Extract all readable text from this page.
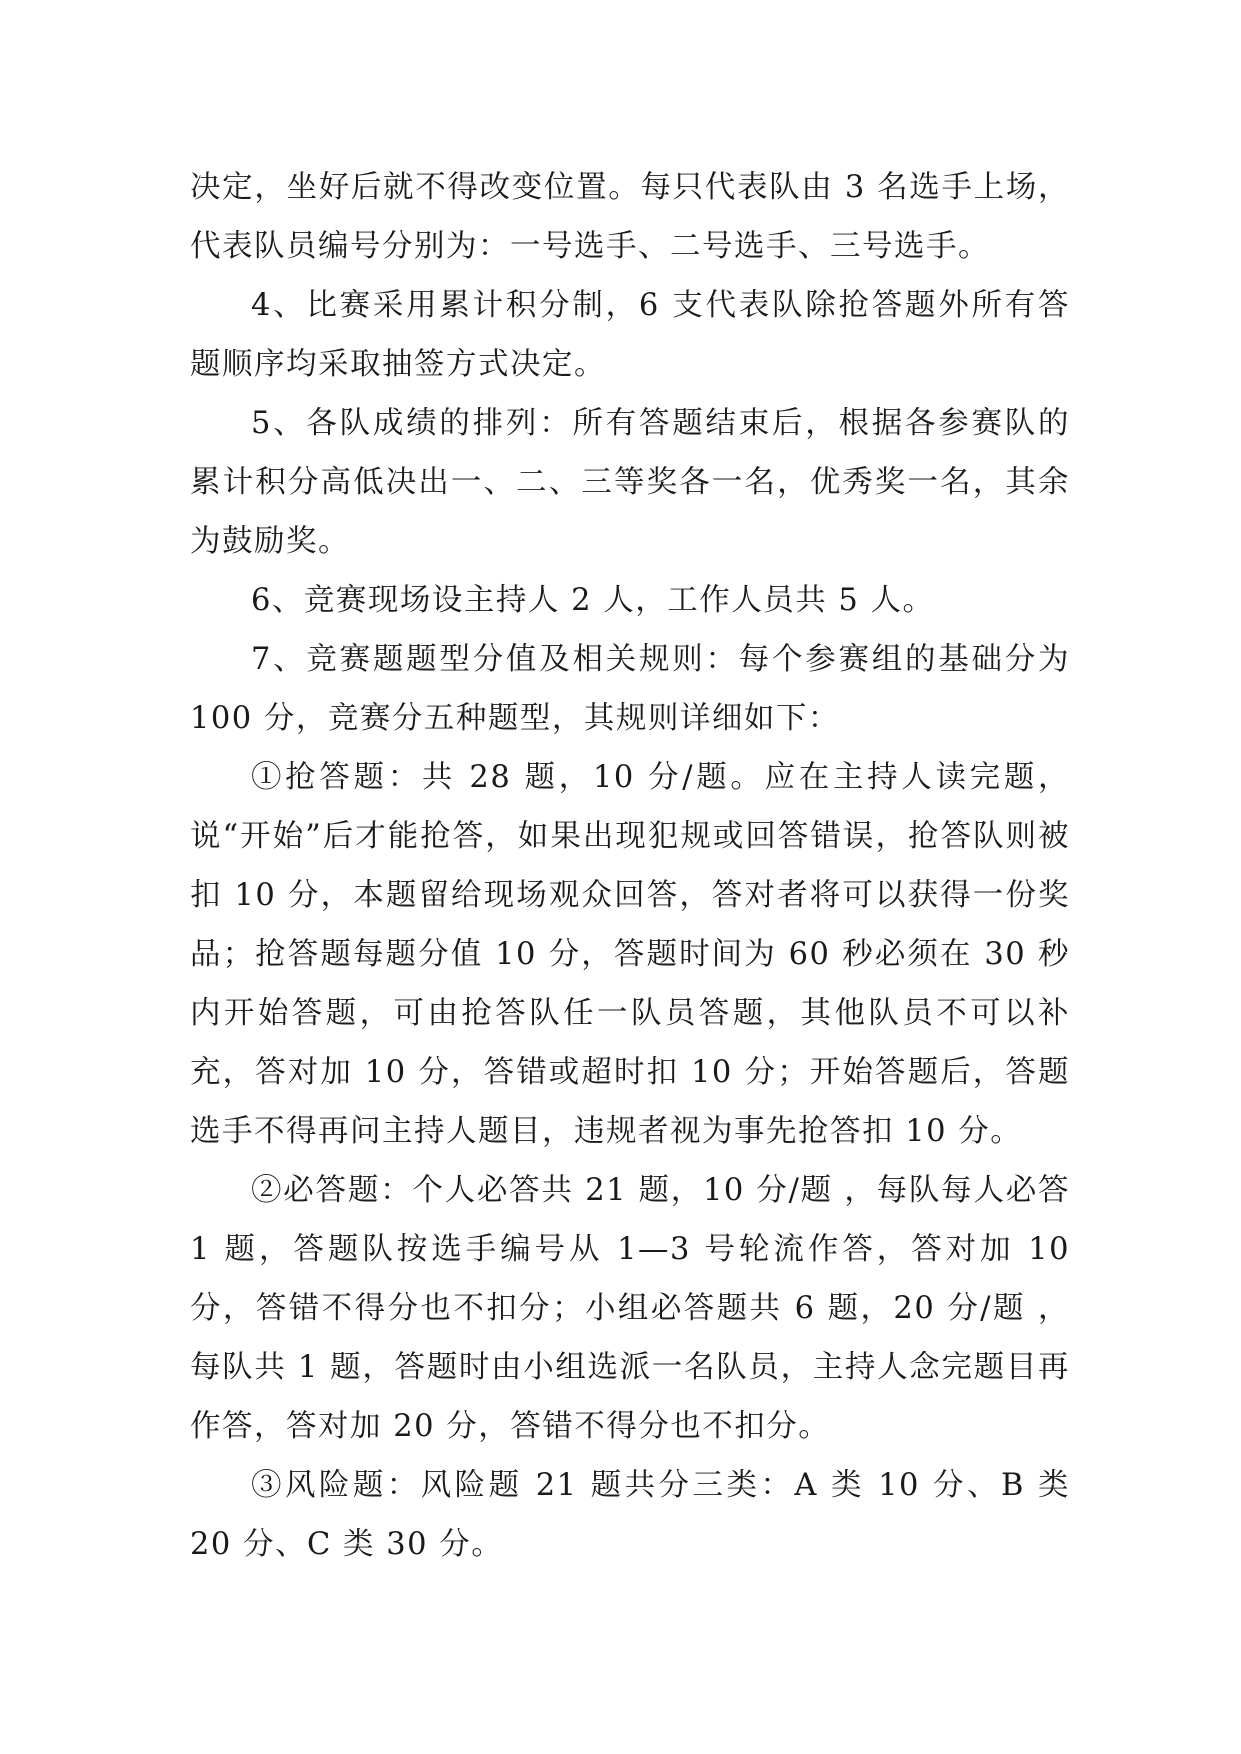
决定，坐好后就不得改变位置。每只代表队由 3 名选手上场，代表队员编号分别为：一号选手、二号选手、三号选手。

4、比赛采用累计积分制，6 支代表队除抢答题外所有答题顺序均采取抽签方式决定。

5、各队成绩的排列：所有答题结束后，根据各参赛队的累计积分高低决出一、二、三等奖各一名，优秀奖一名，其余为鼓励奖。

6、竞赛现场设主持人 2 人，工作人员共 5 人。

7、竞赛题题型分值及相关规则：每个参赛组的基础分为 100 分，竞赛分五种题型，其规则详细如下：

①抢答题：共 28 题，10 分/题。应在主持人读完题，说“开始”后才能抢答，如果出现犯规或回答错误，抢答队则被扣 10 分，本题留给现场观众回答，答对者将可以获得一份奖品；抢答题每题分值 10 分，答题时间为 60 秒必须在 30 秒内开始答题，可由抢答队任一队员答题，其他队员不可以补充，答对加 10 分，答错或超时扣 10 分；开始答题后，答题选手不得再问主持人题目，违规者视为事先抢答扣 10 分。

②必答题：个人必答共 21 题，10 分/题 ，每队每人必答 1 题，答题队按选手编号从 1—3 号轮流作答，答对加 10 分，答错不得分也不扣分；小组必答题共 6 题，20 分/题 ，每队共 1 题，答题时由小组选派一名队员，主持人念完题目再作答，答对加 20 分，答错不得分也不扣分。

③风险题：风险题 21 题共分三类：A 类 10 分、B 类 20 分、C 类 30 分。
